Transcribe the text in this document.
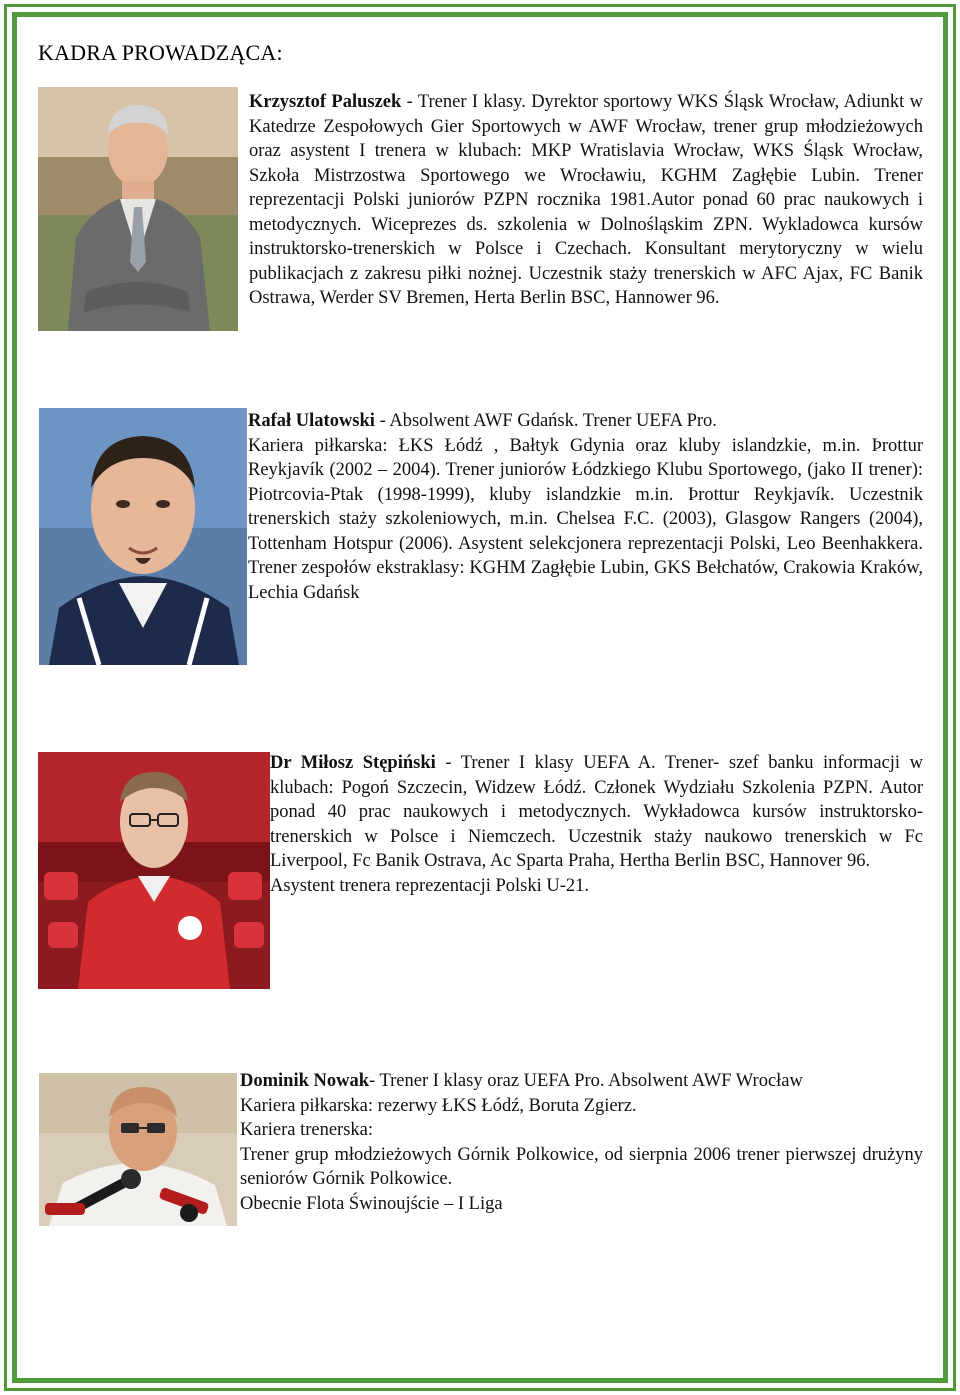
KADRA PROWADZĄCA:
Krzysztof Paluszek - Trener I klasy. Dyrektor sportowy WKS Śląsk Wrocław, Adiunkt w Katedrze Zespołowych Gier Sportowych w AWF Wrocław, trener grup młodzieżowych oraz asystent I trenera w klubach: MKP Wratislavia Wrocław, WKS Śląsk Wrocław, Szkoła Mistrzostwa Sportowego we Wrocławiu, KGHM Zagłębie Lubin. Trener reprezentacji Polski juniorów PZPN rocznika 1981.Autor ponad 60 prac naukowych i metodycznych. Wiceprezes ds. szkolenia w Dolnośląskim ZPN. Wykladowca kursów instruktorsko-trenerskich w Polsce i Czechach. Konsultant merytoryczny w wielu publikacjach z zakresu piłki nożnej. Uczestnik staży trenerskich w AFC Ajax, FC Banik Ostrawa, Werder SV Bremen, Herta Berlin BSC, Hannower 96.

Rafał Ulatowski - Absolwent AWF Gdańsk. Trener UEFA Pro.

Kariera piłkarska: ŁKS Łódź , Bałtyk Gdynia oraz kluby islandzkie, m.in. Þrottur Reykjavík (2002 – 2004). Trener juniorów Łódzkiego Klubu Sportowego, (jako II trener): Piotrcovia-Ptak (1998-1999), kluby islandzkie m.in. Þrottur Reykjavík. Uczestnik trenerskich staży szkoleniowych, m.in. Chelsea F.C. (2003), Glasgow Rangers (2004), Tottenham Hotspur (2006). Asystent selekcjonera reprezentacji Polski, Leo Beenhakkera. Trener zespołów ekstraklasy: KGHM Zagłębie Lubin, GKS Bełchatów, Crakowia Kraków, Lechia Gdańsk

Dr Miłosz Stępiński - Trener I klasy UEFA A. Trener- szef banku informacji w klubach: Pogoń Szczecin, Widzew Łódź. Członek Wydziału Szkolenia PZPN. Autor ponad 40 prac naukowych i metodycznych. Wykładowca kursów instruktorsko-trenerskich w Polsce i Niemczech. Uczestnik staży naukowo trenerskich w Fc Liverpool, Fc Banik Ostrava, Ac Sparta Praha, Hertha Berlin BSC, Hannover 96.

Asystent trenera reprezentacji Polski U-21.

Dominik Nowak- Trener I klasy oraz UEFA Pro. Absolwent AWF Wrocław

Kariera piłkarska: rezerwy ŁKS Łódź, Boruta Zgierz.

Kariera trenerska:

Trener grup młodzieżowych Górnik Polkowice, od sierpnia 2006 trener pierwszej drużyny seniorów Górnik Polkowice.

Obecnie Flota Świnoujście – I Liga
